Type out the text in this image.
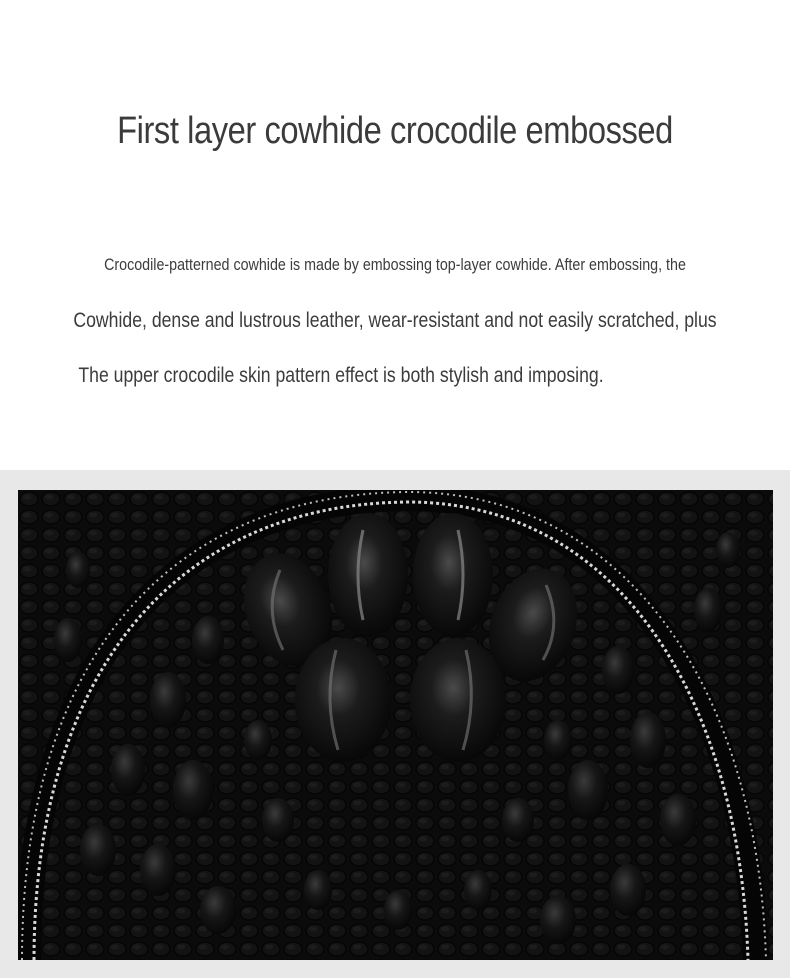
First layer cowhide crocodile embossed
Crocodile-patterned cowhide is made by embossing top-layer cowhide. After embossing, the
Cowhide, dense and lustrous leather, wear-resistant and not easily scratched, plus
The upper crocodile skin pattern effect is both stylish and imposing.
